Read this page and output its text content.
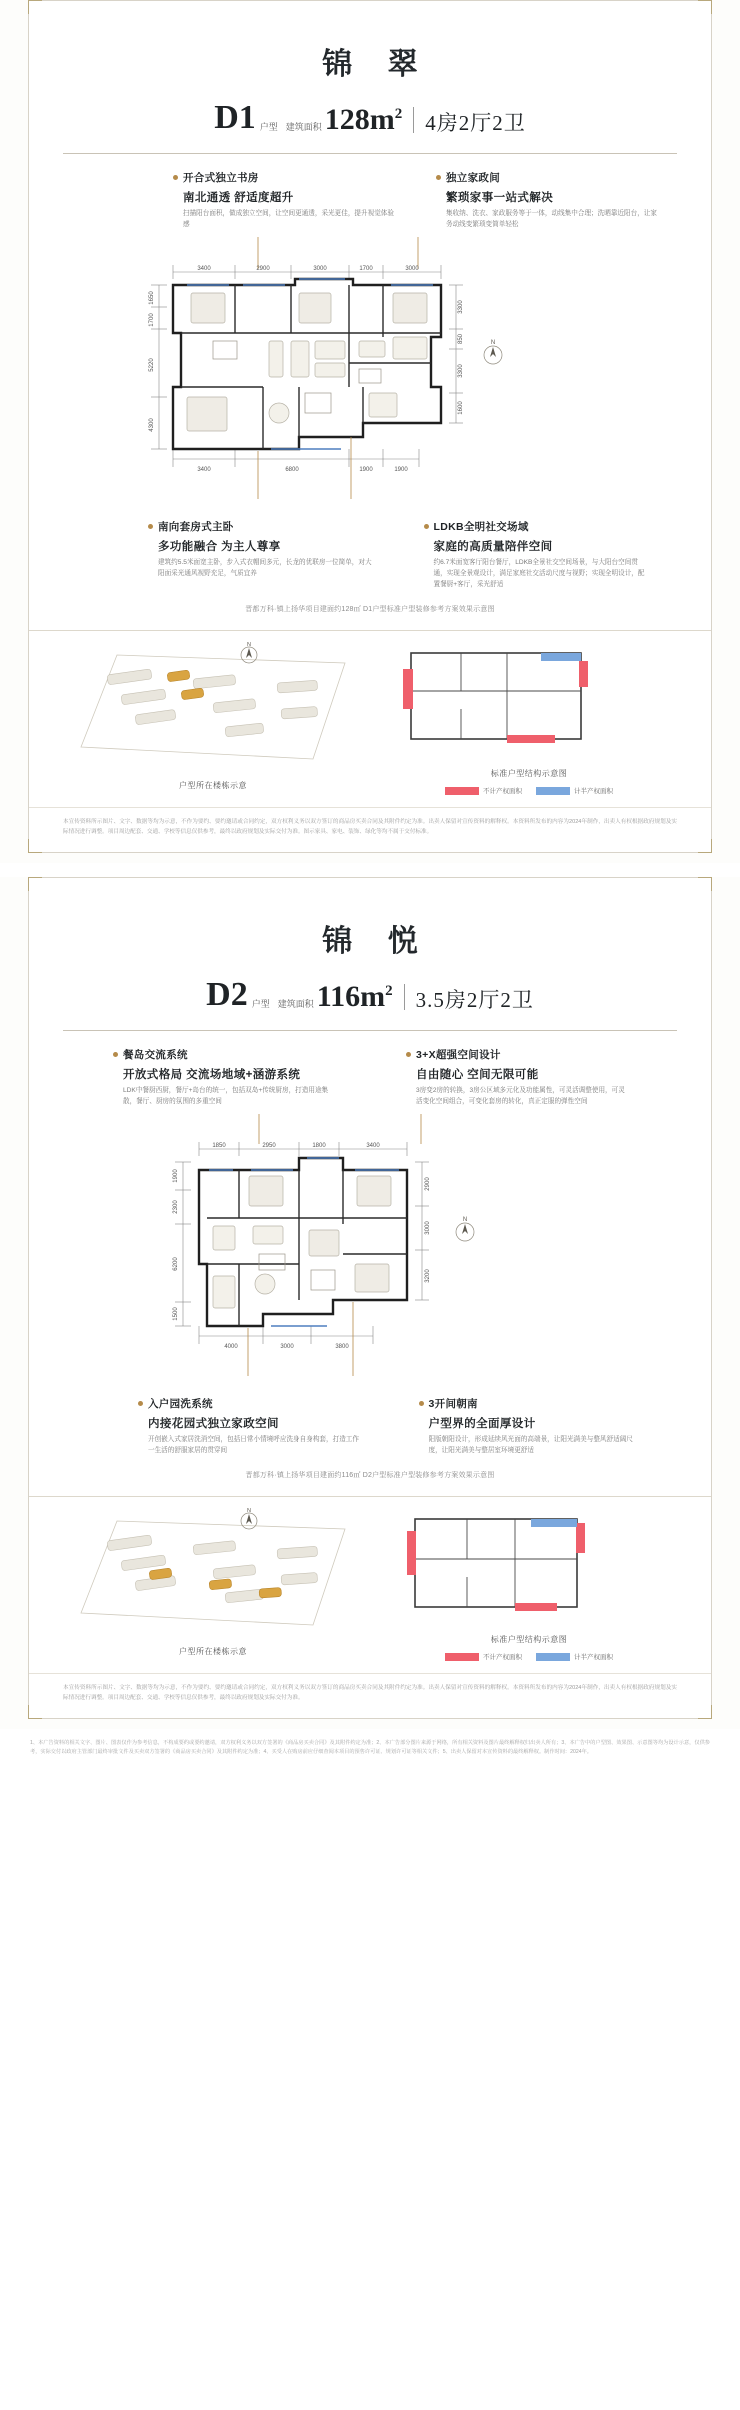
锦 翠
D1 户型 建筑面积 $128m^2$ 4房2厅2卫
开合式独立书房
南北通透 舒适度超升
扫描阳台面积，做成独立空间，让空间更通透，采光更佳，提升视觉体验感
独立家政间
繁琐家事一站式解决
集收纳、洗衣、家政服务等于一体，动线集中合理；洗晒靠近阳台，让家务动线变繁琐变简单轻松
3400	2900	3000	1700	3000
1650
1700
5220
4300
3300
850
3300
1600
3400	6800	1900	1900
N
南向套房式主卧
多功能融合 为主人尊享
建筑约5.5米面宽主卧，步入式衣帽间多元，长龙的优联房一位简单，对大阳面采光通风视野充足，气质宜养
LDKB全明社交场域
家庭的高质量陪伴空间
约6.7米面宽客厅阳台餐厅，LDKB全景社交空间场景，与大阳台空间贯通，实现全景观设计，满足家庭社交活动尺度与视野；实现全明设计，配置餐厨+客厅，采光舒适
晋都万科·镇上扬华项目建面约128㎡ D1户型标准户型装修参考方案效果示意图
N
户型所在楼栋示意
标准户型结构示意图
不计产权面积	计半产权面积
本宣传资料所示图片、文字、数据等均为示意，不作为要约、要约邀请或合同约定，双方权利义务以双方签订的商品房买卖合同及其附件约定为准。出卖人保留对宣传资料的解释权。本资料所发布的内容为2024年制作，出卖人有权根据政府规划及实际情况进行调整。项目周边配套、交通、学校等信息仅供参考，最终以政府规划及实际交付为准。图示家具、家电、装饰、绿化等均不属于交付标准。
锦 悦
D2 户型 建筑面积 $116m^2$ 3.5房2厅2卫
餐岛交流系统
开放式格局 交流场地域+涵游系统
LDK中餐厨西厨，餐厅+岛台的统一，包括双岛+传统厨房，打造用途集散，餐厅、厨房的氛围的多重空间
3+X超强空间设计
自由随心 空间无限可能
3房变2房的转换，3房公区域多元化及功能属性，可灵活调整使用，可灵活变化空间组合，可变化套房的转化，真正定服的弹性空间
1850	2950	1800	3400
1900
2300
6200
1500
2900
3000
3200
4000	3000	3800
N
入户园洗系统
内接花园式独立家政空间
开创嵌入式家居洗消空间，包括日常小情境呼应洗身自身构套，打造工作一生活的舒服家居的贯穿间
3开间朝南
户型界的全面厚设计
阳版朝阳设计，形成延续风光面的高端景，让阳光满美与整风舒适阔尺度，让阳光满美与整居室环境更舒适
晋都万科·镇上扬华项目建面约116㎡ D2户型标准户型装修参考方案效果示意图
N
户型所在楼栋示意
标准户型结构示意图
不计产权面积	计半产权面积
本宣传资料所示图片、文字、数据等均为示意，不作为要约、要约邀请或合同约定，双方权利义务以双方签订的商品房买卖合同及其附件约定为准。出卖人保留对宣传资料的解释权。本资料所发布的内容为2024年制作，出卖人有权根据政府规划及实际情况进行调整。项目周边配套、交通、学校等信息仅供参考，最终以政府规划及实际交付为准。
1、本广告资料的相关文字、图片、图表仅作为参考信息，不构成要约或要约邀请，双方权利义务以双方签署的《商品房买卖合同》及其附件约定为准；2、本广告部分图片来源于网络，所有相关资料及图片最终解释权归出卖人所有；3、本广告中的户型图、效果图、示意图等均为设计示意，仅供参考，实际交付以政府主管部门最终审批文件及买卖双方签署的《商品房买卖合同》及其附件约定为准；4、买受人在购房前应仔细查阅本项目的预售许可证、规划许可证等相关文件；5、出卖人保留对本宣传资料的最终解释权。制作时间：2024年。
